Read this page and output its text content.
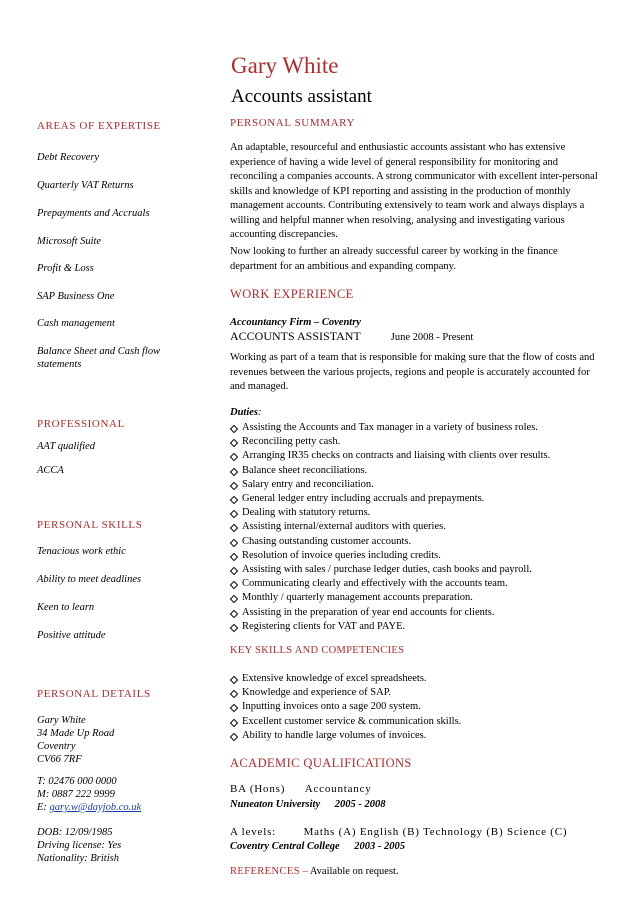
Gary White
Accounts assistant
AREAS OF EXPERTISE
Debt Recovery
Quarterly VAT Returns
Prepayments and Accruals
Microsoft Suite
Profit & Loss
SAP Business One
Cash management
Balance Sheet and Cash flow statements
PROFESSIONAL
AAT qualified
ACCA
PERSONAL SKILLS
Tenacious work ethic
Ability to meet deadlines
Keen to learn
Positive attitude
PERSONAL DETAILS
Gary White
34 Made Up Road
Coventry
CV66 7RF
T: 02476 000 0000
M: 0887 222 9999
E: gary.w@dayjob.co.uk
DOB: 12/09/1985
Driving license: Yes
Nationality: British
PERSONAL SUMMARY
An adaptable, resourceful and enthusiastic accounts assistant who has extensive experience of having a wide level of general responsibility for monitoring and reconciling a companies accounts. A strong communicator with excellent inter-personal skills and knowledge of KPI reporting and assisting in the production of monthly management accounts. Contributing extensively to team work and always displays a willing and helpful manner when resolving, analysing and investigating various accounting discrepancies.
Now looking to further an already successful career by working in the finance department for an ambitious and expanding company.
WORK EXPERIENCE
Accountancy Firm – Coventry
ACCOUNTS ASSISTANT	June 2008 - Present
Working as part of a team that is responsible for making sure that the flow of costs and revenues between the various projects, regions and people is accurately accounted for and managed.
Duties:
Assisting the Accounts and Tax manager in a variety of business roles.
Reconciling petty cash.
Arranging IR35 checks on contracts and liaising with clients over results.
Balance sheet reconciliations.
Salary entry and reconciliation.
General ledger entry including accruals and prepayments.
Dealing with statutory returns.
Assisting internal/external auditors with queries.
Chasing outstanding customer accounts.
Resolution of invoice queries including credits.
Assisting with sales / purchase ledger duties, cash books and payroll.
Communicating clearly and effectively with the accounts team.
Monthly / quarterly management accounts preparation.
Assisting in the preparation of year end accounts for clients.
Registering clients for VAT and PAYE.
KEY SKILLS AND COMPETENCIES
Extensive knowledge of excel spreadsheets.
Knowledge and experience of SAP.
Inputting invoices onto a sage 200 system.
Excellent customer service & communication skills.
Ability to handle large volumes of invoices.
ACADEMIC QUALIFICATIONS
BA (Hons) Accountancy
Nuneaton University 2005 - 2008
A levels:	Maths (A) English (B) Technology (B) Science (C)
Coventry Central College 2003 - 2005
REFERENCES – Available on request.
